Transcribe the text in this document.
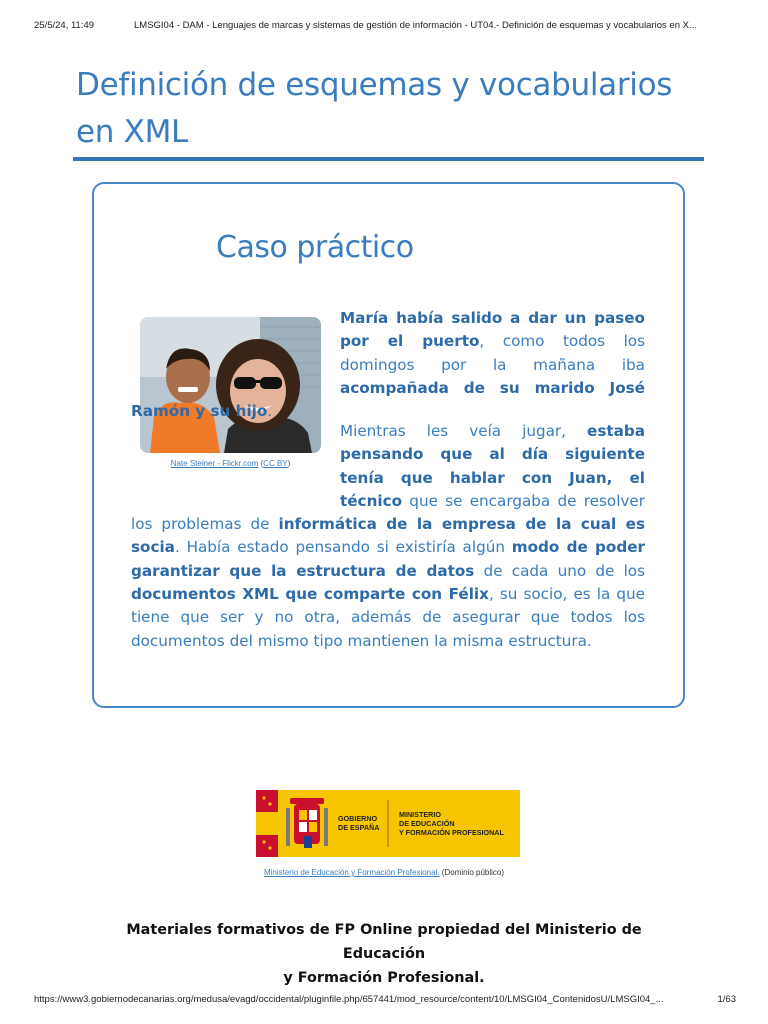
25/5/24, 11:49	LMSGI04 - DAM - Lenguajes de marcas y sistemas de gestión de información - UT04.- Definición de esquemas y vocabularios en X...
Definición de esquemas y vocabularios en XML
Caso práctico
Nate Steiner - Flickr.com (CC BY)
María había salido a dar un paseo por el puerto, como todos los domingos por la mañana iba acompañada de su marido José Ramón y su hijo.
Mientras les veía jugar, estaba pensando que al día siguiente tenía que hablar con Juan, el técnico que se encargaba de resolver los problemas de informática de la empresa de la cual es socia. Había estado pensando si existiría algún modo de poder garantizar que la estructura de datos de cada uno de los documentos XML que comparte con Félix, su socio, es la que tiene que ser y no otra, además de asegurar que todos los documentos del mismo tipo mantienen la misma estructura.
GOBIERNO
DE ESPAÑA
MINISTERIO
DE EDUCACIÓN
Y FORMACIÓN PROFESIONAL
Ministerio de Educación y Formación Profesional. (Dominio público)
Materiales formativos de FP Online propiedad del Ministerio de Educación
y Formación Profesional.
https://www3.gobiernodecanarias.org/medusa/evagd/occidental/pluginfile.php/657441/mod_resource/content/10/LMSGI04_ContenidosU/LMSGI04_...	1/63
